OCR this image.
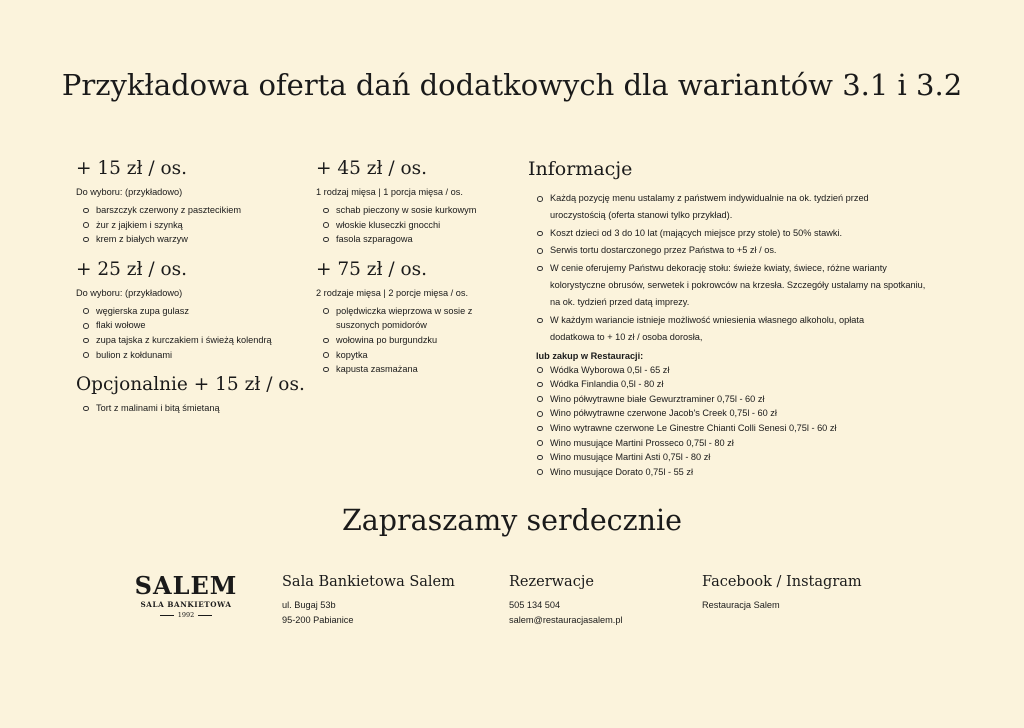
Przykładowa oferta dań dodatkowych dla wariantów 3.1 i 3.2
+ 15 zł / os.
Do wyboru: (przykładowo)
barszczyk czerwony z pasztecikiem
żur z jajkiem i szynką
krem z białych warzyw
+ 25 zł / os.
Do wyboru: (przykładowo)
węgierska zupa gulasz
flaki wołowe
zupa tajska z kurczakiem i świeżą kolendrą
bulion z kołdunami
Opcjonalnie + 15 zł / os.
Tort z malinami i bitą śmietaną
+ 45 zł / os.
1 rodzaj mięsa | 1 porcja mięsa / os.
schab pieczony w sosie kurkowym
włoskie kluseczki gnocchi
fasola szparagowa
+ 75 zł / os.
2 rodzaje mięsa | 2 porcje mięsa / os.
polędwiczka wieprzowa w sosie z suszonych pomidorów
wołowina po burgundzku
kopytka
kapusta zasmażana
Informacje
Każdą pozycję menu ustalamy z państwem indywidualnie na ok. tydzień przed uroczystością (oferta stanowi tylko przykład).
Koszt dzieci od 3 do 10 lat (mających miejsce przy stole) to 50% stawki.
Serwis tortu dostarczonego przez Państwa to +5 zł / os.
W cenie oferujemy Państwu dekorację stołu: świeże kwiaty, świece, różne warianty kolorystyczne obrusów, serwetek i pokrowców na krzesła. Szczegóły ustalamy na spotkaniu, na ok. tydzień przed datą imprezy.
W każdym wariancie istnieje możliwość wniesienia własnego alkoholu, opłata dodatkowa to + 10 zł / osoba dorosła,
lub zakup w Restauracji:
Wódka Wyborowa 0,5l - 65 zł
Wódka Finlandia 0,5l - 80 zł
Wino półwytrawne białe Gewurztraminer 0,75l - 60 zł
Wino półwytrawne czerwone Jacob's Creek 0,75l - 60 zł
Wino wytrawne czerwone Le Ginestre Chianti Colli Senesi 0,75l - 60 zł
Wino musujące Martini Prosseco 0,75l - 80 zł
Wino musujące Martini Asti 0,75l - 80 zł
Wino musujące Dorato 0,75l - 55 zł
Zapraszamy serdecznie
SALEM
SALA BANKIETOWA
1992
Sala Bankietowa Salem
ul. Bugaj 53b
95-200 Pabianice
Rezerwacje
505 134 504
salem@restauracjasalem.pl
Facebook / Instagram
Restauracja Salem
